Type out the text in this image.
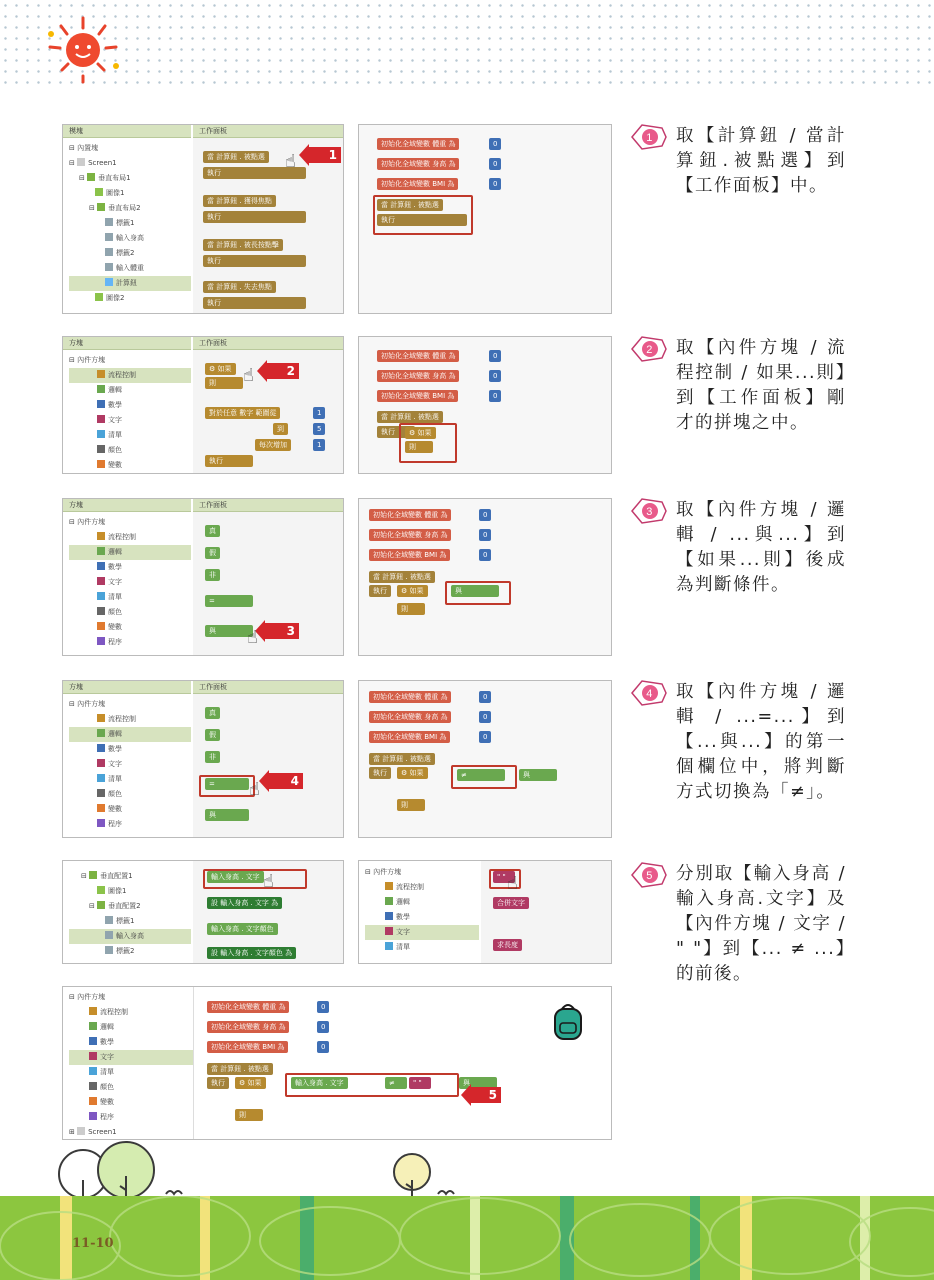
模塊
⊟ 內置塊
⊟ Screen1
⊟ 垂直布局1
圖像1
⊟ 垂直布局2
標籤1
輸入身高
標籤2
輸入體重
計算鈕
圖像2
工作面板
當 計算鈕 . 被點選
執行
當 計算鈕 . 獲得焦點
執行
當 計算鈕 . 被長按點擊
執行
當 計算鈕 . 失去焦點
執行
1
☝
初始化全域變數 體重 為	0
初始化全域變數 身高 為	0
初始化全域變數 BMI 為	0
當 計算鈕 . 被點選
執行
1	取【計算鈕 / 當計算鈕.被點選】到【工作面板】中。
方塊
⊟ 內件方塊
流程控制
邏輯
數學
文字
清單
顏色
變數
工作面板
⚙ 如果
則
對於任意 數字 範圍從	1
到	5
每次增加	1
執行
2
☝
初始化全域變數 體重 為	0
初始化全域變數 身高 為	0
初始化全域變數 BMI 為	0
當 計算鈕 . 被點選
執行	⚙ 如果
則
2	取【內件方塊 / 流程控制 / 如果...則】到【工作面板】剛才的拼塊之中。
方塊
⊟ 內件方塊
流程控制
邏輯
數學
文字
清單
顏色
變數
程序
工作面板
真
假
非
=
與	3
☝
初始化全域變數 體重 為	0
初始化全域變數 身高 為	0
初始化全域變數 BMI 為	0
當 計算鈕 . 被點選
執行	⚙ 如果
則
與
3	取【內件方塊 / 邏輯 / ...與...】到【如果...則】後成為判斷條件。
方塊
⊟ 內件方塊
流程控制
邏輯
數學
文字
清單
顏色
變數
程序
工作面板
真
假
非
=
與
4
☝
初始化全域變數 體重 為	0
初始化全域變數 身高 為	0
初始化全域變數 BMI 為	0
當 計算鈕 . 被點選
執行	⚙ 如果
則
≠	與
4	取【內件方塊 / 邏輯 / ...=...】到【...與...】的第一個欄位中，將判斷方式切換為「≠」。
⊟ 垂直配置1
圖像1
⊟ 垂直配置2
標籤1
輸入身高
標籤2
輸入身高 . 文字
設 輸入身高 . 文字 為
輸入身高 . 文字顏色
設 輸入身高 . 文字顏色 為
☝	⊟ 內件方塊
流程控制
邏輯
數學
文字
清單
" "
合併文字
求長度
☝	5	分別取【輸入身高 / 輸入身高.文字】及【內件方塊 / 文字 / " "】到【... ≠ ...】的前後。
⊟ 內件方塊
流程控制
邏輯
數學
文字
清單
顏色
變數
程序
⊞ Screen1
初始化全域變數 體重 為	0
初始化全域變數 身高 為	0
初始化全域變數 BMI 為	0
當 計算鈕 . 被點選
執行	⚙ 如果
則
輸入身高 . 文字	≠	" "	與
5
11-10
